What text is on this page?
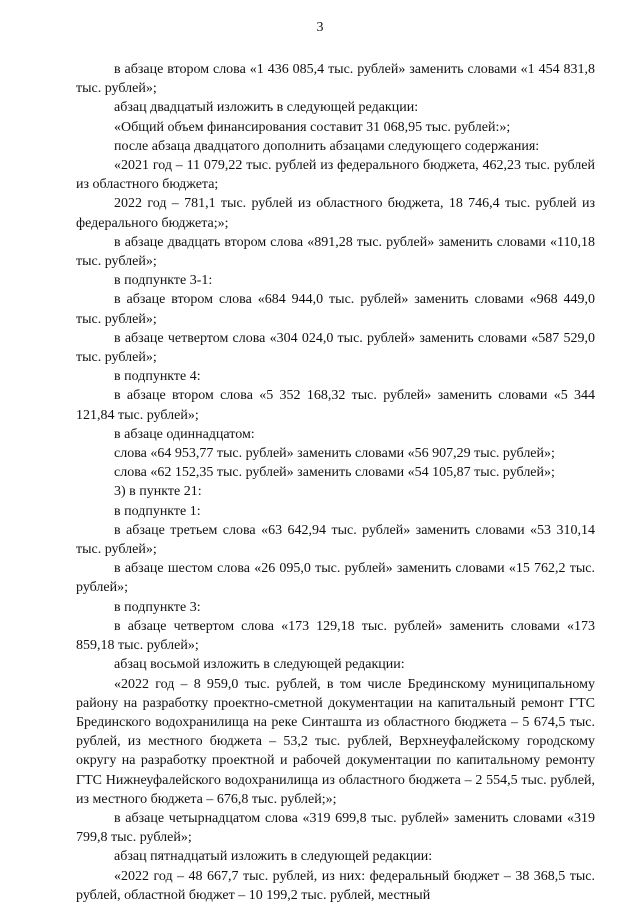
3

в абзаце втором слова «1 436 085,4 тыс. рублей» заменить словами «1 454 831,8 тыс. рублей»;

абзац двадцатый изложить в следующей редакции:

«Общий объем финансирования составит 31 068,95 тыс. рублей:»;

после абзаца двадцатого дополнить абзацами следующего содержания:

«2021 год – 11 079,22 тыс. рублей из федерального бюджета, 462,23 тыс. рублей из областного бюджета;

2022 год – 781,1 тыс. рублей из областного бюджета, 18 746,4 тыс. рублей из федерального бюджета;»;

в абзаце двадцать втором слова «891,28 тыс. рублей» заменить словами «110,18 тыс. рублей»;

в подпункте 3-1:

в абзаце втором слова «684 944,0 тыс. рублей» заменить словами «968 449,0 тыс. рублей»;

в абзаце четвертом слова «304 024,0 тыс. рублей» заменить словами «587 529,0 тыс. рублей»;

в подпункте 4:

в абзаце втором слова «5 352 168,32 тыс. рублей» заменить словами «5 344 121,84 тыс. рублей»;

в абзаце одиннадцатом:

слова «64 953,77 тыс. рублей» заменить словами «56 907,29 тыс. рублей»;

слова «62 152,35 тыс. рублей» заменить словами «54 105,87 тыс. рублей»;

3) в пункте 21:

в подпункте 1:

в абзаце третьем слова «63 642,94 тыс. рублей» заменить словами «53 310,14 тыс. рублей»;

в абзаце шестом слова «26 095,0 тыс. рублей» заменить словами «15 762,2 тыс. рублей»;

в подпункте 3:

в абзаце четвертом слова «173 129,18 тыс. рублей» заменить словами «173 859,18 тыс. рублей»;

абзац восьмой изложить в следующей редакции:

«2022 год – 8 959,0 тыс. рублей, в том числе Брединскому муниципальному району на разработку проектно-сметной документации на капитальный ремонт ГТС Брединского водохранилища на реке Синташта из областного бюджета – 5 674,5 тыс. рублей, из местного бюджета – 53,2 тыс. рублей, Верхнеуфалейскому городскому округу на разработку проектной и рабочей документации по капитальному ремонту ГТС Нижнеуфалейского водохранилища из областного бюджета – 2 554,5 тыс. рублей, из местного бюджета – 676,8 тыс. рублей;»;

в абзаце четырнадцатом слова «319 699,8 тыс. рублей» заменить словами «319 799,8 тыс. рублей»;

абзац пятнадцатый изложить в следующей редакции:

«2022 год – 48 667,7 тыс. рублей, из них: федеральный бюджет – 38 368,5 тыс. рублей, областной бюджет – 10 199,2 тыс. рублей, местный
